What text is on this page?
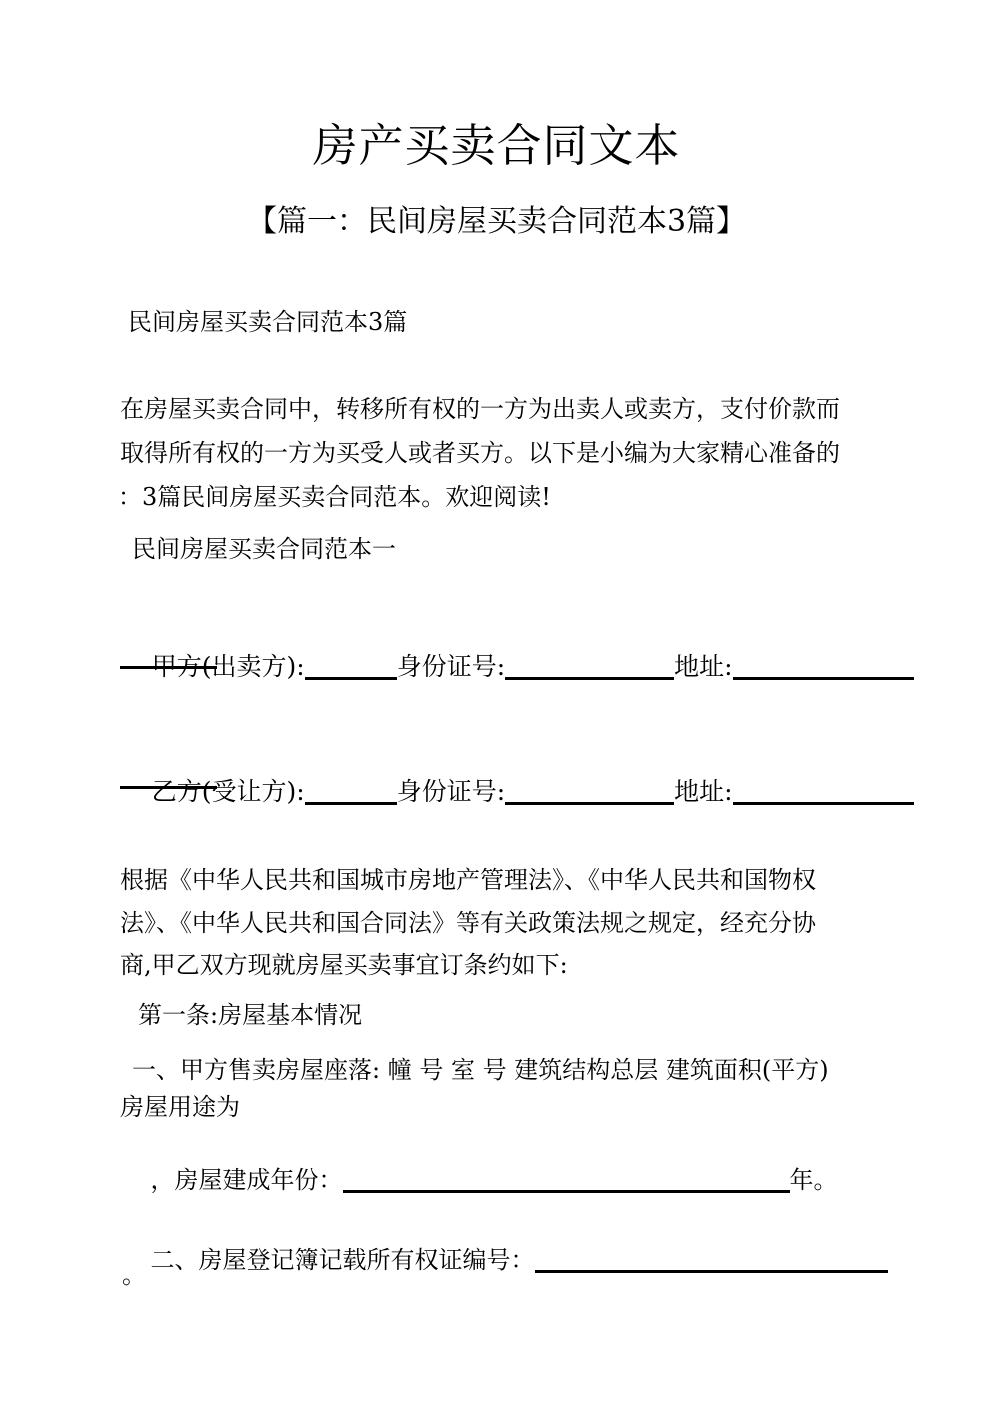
房产买卖合同文本
【篇一：民间房屋买卖合同范本3篇】
民间房屋买卖合同范本3篇
在房屋买卖合同中，转移所有权的一方为出卖人或卖方，支付价款而
取得所有权的一方为买受人或者买方。以下是小编为大家精心准备的
：3篇民间房屋买卖合同范本。欢迎阅读!
民间房屋买卖合同范本一

甲方(出卖方):	身份证号:	地址:

乙方(受让方):	身份证号:	地址:

根据《中华人民共和国城市房地产管理法》、《中华人民共和国物权
法》、《中华人民共和国合同法》等有关政策法规之规定，经充分协
商,甲乙双方现就房屋买卖事宜订条约如下:
第一条:房屋基本情况
一、甲方售卖房屋座落: 幢 号 室 号 建筑结构总层 建筑面积(平方)
房屋用途为

，房屋建成年份：	年。

二、房屋登记簿记载所有权证编号：

。
